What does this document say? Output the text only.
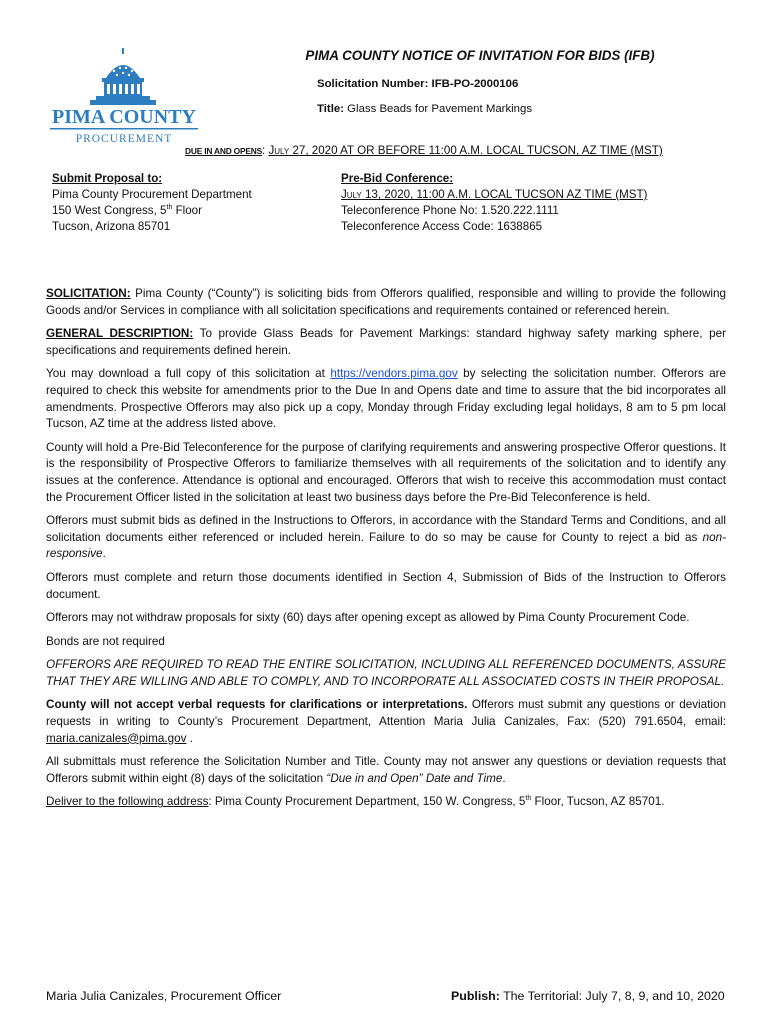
PIMA COUNTY
PROCUREMENT
PIMA COUNTY NOTICE OF INVITATION FOR BIDS (IFB)
Solicitation Number: IFB-PO-2000106
Title: Glass Beads for Pavement Markings
DUE IN AND OPENS: July 27, 2020 AT OR BEFORE 11:00 A.M. LOCAL TUCSON, AZ TIME (MST)
Submit Proposal to:
Pima County Procurement Department
150 West Congress, 5th Floor
Tucson, Arizona 85701
Pre-Bid Conference:
July 13, 2020, 11:00 A.M. LOCAL TUCSON AZ TIME (MST)
Teleconference Phone No: 1.520.222.1111
Teleconference Access Code: 1638865

SOLICITATION: Pima County (“County”) is soliciting bids from Offerors qualified, responsible and willing to provide the following Goods and/or Services in compliance with all solicitation specifications and requirements contained or referenced herein.

GENERAL DESCRIPTION: To provide Glass Beads for Pavement Markings: standard highway safety marking sphere, per specifications and requirements defined herein.

You may download a full copy of this solicitation at https://vendors.pima.gov by selecting the solicitation number. Offerors are required to check this website for amendments prior to the Due In and Opens date and time to assure that the bid incorporates all amendments. Prospective Offerors may also pick up a copy, Monday through Friday excluding legal holidays, 8 am to 5 pm local Tucson, AZ time at the address listed above.

County will hold a Pre-Bid Teleconference for the purpose of clarifying requirements and answering prospective Offeror questions. It is the responsibility of Prospective Offerors to familiarize themselves with all requirements of the solicitation and to identify any issues at the conference. Attendance is optional and encouraged. Offerors that wish to receive this accommodation must contact the Procurement Officer listed in the solicitation at least two business days before the Pre-Bid Teleconference is held.

Offerors must submit bids as defined in the Instructions to Offerors, in accordance with the Standard Terms and Conditions, and all solicitation documents either referenced or included herein. Failure to do so may be cause for County to reject a bid as non-responsive.

Offerors must complete and return those documents identified in Section 4, Submission of Bids of the Instruction to Offerors document.

Offerors may not withdraw proposals for sixty (60) days after opening except as allowed by Pima County Procurement Code.

Bonds are not required

OFFERORS ARE REQUIRED TO READ THE ENTIRE SOLICITATION, INCLUDING ALL REFERENCED DOCUMENTS, ASSURE THAT THEY ARE WILLING AND ABLE TO COMPLY, AND TO INCORPORATE ALL ASSOCIATED COSTS IN THEIR PROPOSAL.

County will not accept verbal requests for clarifications or interpretations. Offerors must submit any questions or deviation requests in writing to County’s Procurement Department, Attention Maria Julia Canizales, Fax: (520) 791.6504, email: maria.canizales@pima.gov .

All submittals must reference the Solicitation Number and Title. County may not answer any questions or deviation requests that Offerors submit within eight (8) days of the solicitation “Due in and Open” Date and Time.

Deliver to the following address: Pima County Procurement Department, 150 W. Congress, 5th Floor, Tucson, AZ 85701.

Maria Julia Canizales, Procurement Officer	Publish: The Territorial: July 7, 8, 9, and 10, 2020
